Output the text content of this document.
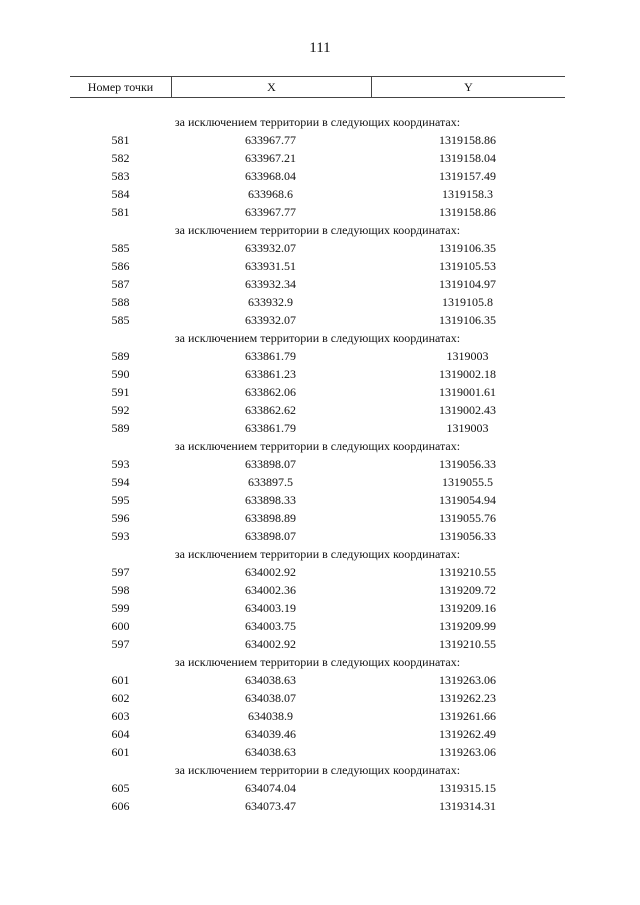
111
Номер точки	X	Y
за исключением территории в следующих координатах:
581	633967.77	1319158.86
582	633967.21	1319158.04
583	633968.04	1319157.49
584	633968.6	1319158.3
581	633967.77	1319158.86
за исключением территории в следующих координатах:
585	633932.07	1319106.35
586	633931.51	1319105.53
587	633932.34	1319104.97
588	633932.9	1319105.8
585	633932.07	1319106.35
за исключением территории в следующих координатах:
589	633861.79	1319003
590	633861.23	1319002.18
591	633862.06	1319001.61
592	633862.62	1319002.43
589	633861.79	1319003
за исключением территории в следующих координатах:
593	633898.07	1319056.33
594	633897.5	1319055.5
595	633898.33	1319054.94
596	633898.89	1319055.76
593	633898.07	1319056.33
за исключением территории в следующих координатах:
597	634002.92	1319210.55
598	634002.36	1319209.72
599	634003.19	1319209.16
600	634003.75	1319209.99
597	634002.92	1319210.55
за исключением территории в следующих координатах:
601	634038.63	1319263.06
602	634038.07	1319262.23
603	634038.9	1319261.66
604	634039.46	1319262.49
601	634038.63	1319263.06
за исключением территории в следующих координатах:
605	634074.04	1319315.15
606	634073.47	1319314.31
